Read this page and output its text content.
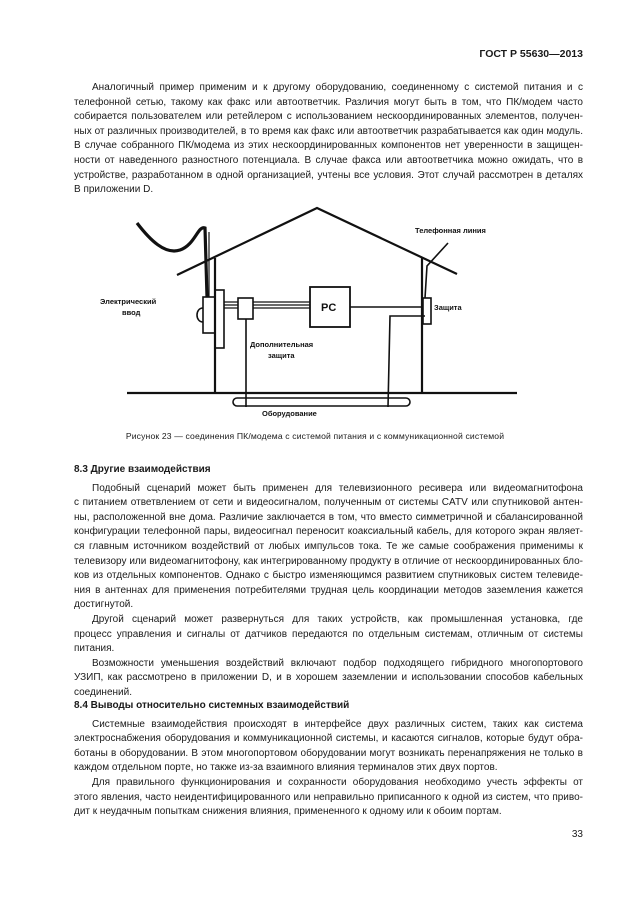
ГОСТ Р 55630—2013
Аналогичный пример применим и к другому оборудованию, соединенному с системой питания и с
телефонной сетью, такому как факс или автоответчик. Различия могут быть в том, что ПК/модем часто
собирается пользователем или ретейлером с использованием нескоординированных элементов, получен-
ных от различных производителей, в то время как факс или автоответчик разрабатывается как один модуль.
В случае собранного ПК/модема из этих нескоординированных компонентов нет уверенности в защищен-
ности от наведенного разностного потенциала. В случае факса или автоответчика можно ожидать, что в
устройстве, разработанном в одной организацией, учтены все условия. Этот случай рассмотрен в деталях
В приложении D.
PC
Электрический
ввод
Телефонная линия
Защита
Дополнительная
защита
Оборудование
Рисунок 23 — соединения ПК/модема с системой питания и с коммуникационной системой
8.3 Другие взаимодействия
Подобный сценарий может быть применен для телевизионного ресивера или видеомагнитофона
с питанием ответвлением от сети и видеосигналом, полученным от системы CATV или спутниковой антен-
ны, расположенной вне дома. Различие заключается в том, что вместо симметричной и сбалансированной
конфигурации телефонной пары, видеосигнал переносит коаксиальный кабель, для которого экран являет-
ся главным источником воздействий от любых импульсов тока. Те же самые соображения применимы к
телевизору или видеомагнитофону, как интегрированному продукту в отличие от нескоординированных бло-
ков из отдельных компонентов. Однако с быстро изменяющимся развитием спутниковых систем телевиде-
ния в антеннах для применения потребителями трудная цель координации методов заземления кажется
достигнутой.
Другой сценарий может развернуться для таких устройств, как промышленная установка, где
процесс управления и сигналы от датчиков передаются по отдельным системам, отличным от системы
питания.
Возможности уменьшения воздействий включают подбор подходящего гибридного многопортового
УЗИП, как рассмотрено в приложении D, и в хорошем заземлении и использовании способов кабельных
соединений.
8.4 Выводы относительно системных взаимодействий
Системные взаимодействия происходят в интерфейсе двух различных систем, таких как система
электроснабжения оборудования и коммуникационной системы, и касаются сигналов, которые будут обра-
ботаны в оборудовании. В этом многопортовом оборудовании могут возникать перенапряжения не только в
каждом отдельном порте, но также из-за взаимного влияния терминалов этих двух портов.
Для правильного функционирования и сохранности оборудования необходимо учесть эффекты от
этого явления, часто неидентифицированного или неправильно приписанного к одной из систем, что приво-
дит к неудачным попыткам снижения влияния, примененного к одному или к обоим портам.
33
